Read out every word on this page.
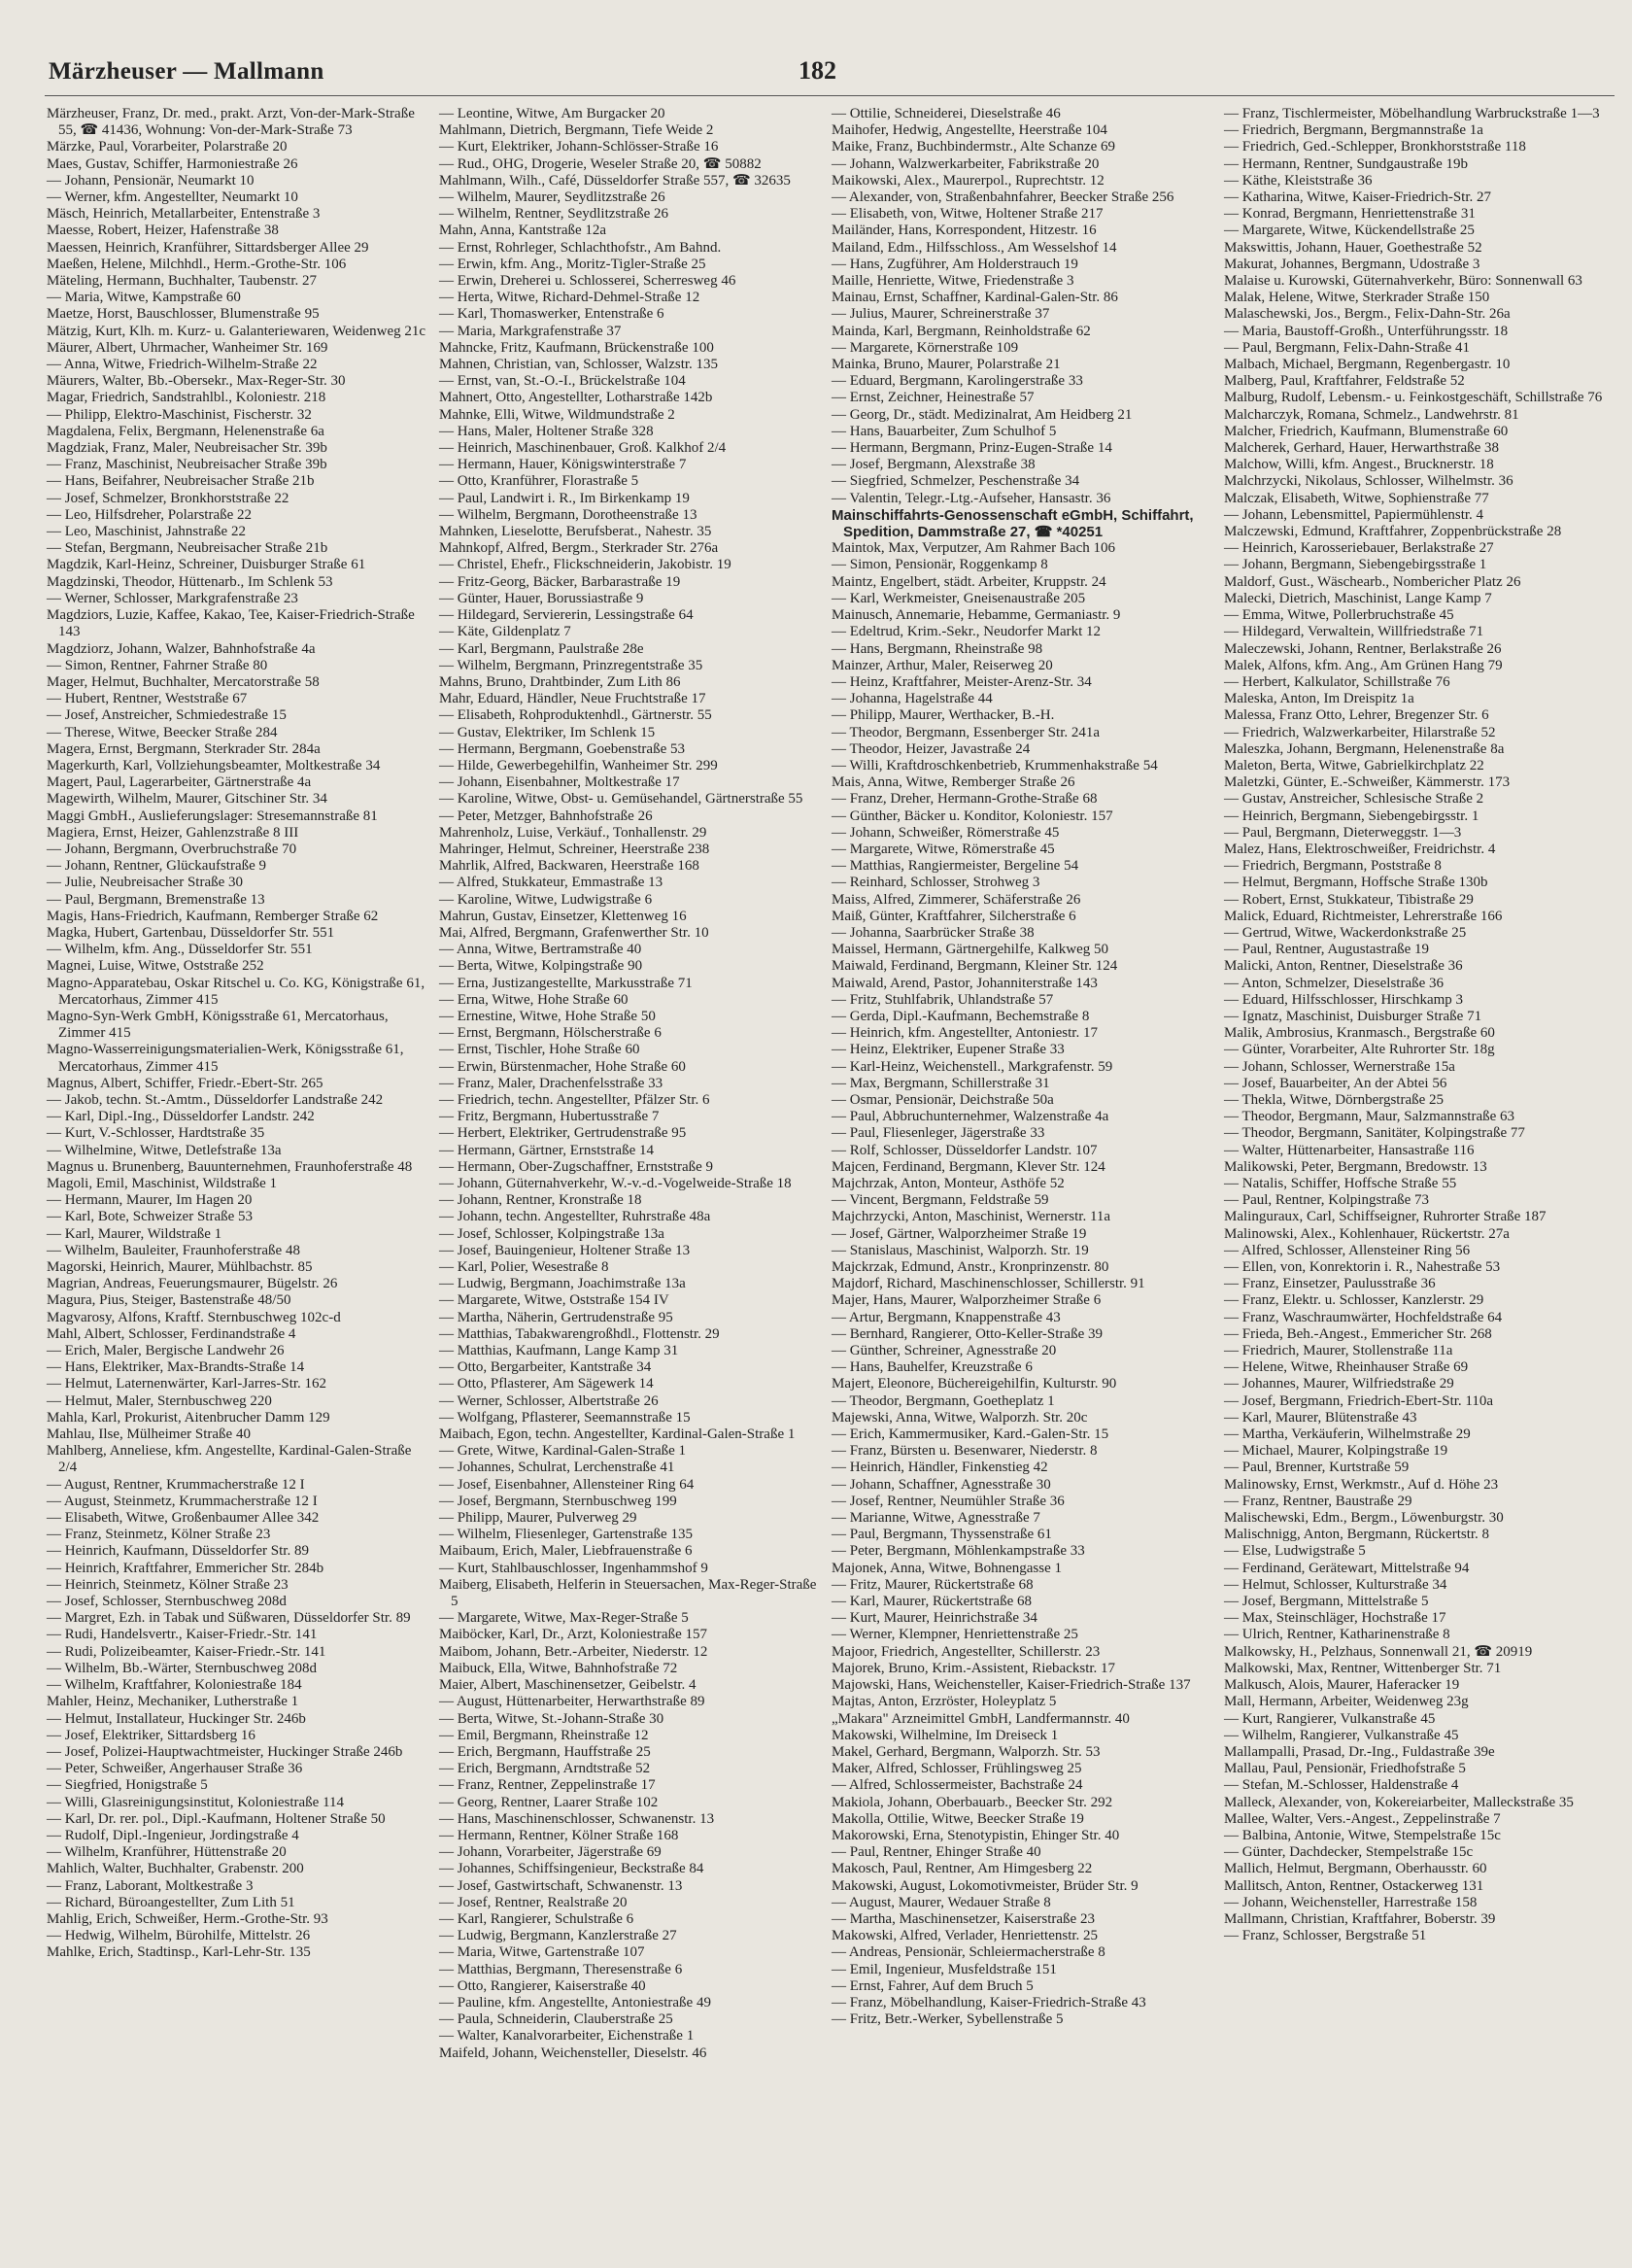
Märzheuser — Mallmann	182

Märzheuser, Franz, Dr. med., prakt. Arzt, Von-der-Mark-Straße 55, ☎ 41436, Wohnung: Von-der-Mark-Straße 73

Märzke, Paul, Vorarbeiter, Polarstraße 20

Maes, Gustav, Schiffer, Harmoniestraße 26

— Johann, Pensionär, Neumarkt 10

— Werner, kfm. Angestellter, Neumarkt 10

Mäsch, Heinrich, Metallarbeiter, Entenstraße 3

Maesse, Robert, Heizer, Hafenstraße 38

Maessen, Heinrich, Kranführer, Sittardsberger Allee 29

Maeßen, Helene, Milchhdl., Herm.-Grothe-Str. 106

Mäteling, Hermann, Buchhalter, Taubenstr. 27

— Maria, Witwe, Kampstraße 60

Maetze, Horst, Bauschlosser, Blumenstraße 95

Mätzig, Kurt, Klh. m. Kurz- u. Galanteriewaren, Weidenweg 21c

Mäurer, Albert, Uhrmacher, Wanheimer Str. 169

— Anna, Witwe, Friedrich-Wilhelm-Straße 22

Mäurers, Walter, Bb.-Obersekr., Max-Reger-Str. 30

Magar, Friedrich, Sandstrahlbl., Koloniestr. 218

— Philipp, Elektro-Maschinist, Fischerstr. 32

Magdalena, Felix, Bergmann, Helenenstraße 6a

Magdziak, Franz, Maler, Neubreisacher Str. 39b

— Franz, Maschinist, Neubreisacher Straße 39b

— Hans, Beifahrer, Neubreisacher Straße 21b

— Josef, Schmelzer, Bronkhorststraße 22

— Leo, Hilfsdreher, Polarstraße 22

— Leo, Maschinist, Jahnstraße 22

— Stefan, Bergmann, Neubreisacher Straße 21b

Magdzik, Karl-Heinz, Schreiner, Duisburger Straße 61

Magdzinski, Theodor, Hüttenarb., Im Schlenk 53

— Werner, Schlosser, Markgrafenstraße 23

Magdziors, Luzie, Kaffee, Kakao, Tee, Kaiser-Friedrich-Straße 143

Magdziorz, Johann, Walzer, Bahnhofstraße 4a

— Simon, Rentner, Fahrner Straße 80

Mager, Helmut, Buchhalter, Mercatorstraße 58

— Hubert, Rentner, Weststraße 67

— Josef, Anstreicher, Schmiedestraße 15

— Therese, Witwe, Beecker Straße 284

Magera, Ernst, Bergmann, Sterkrader Str. 284a

Magerkurth, Karl, Vollziehungsbeamter, Moltkestraße 34

Magert, Paul, Lagerarbeiter, Gärtnerstraße 4a

Magewirth, Wilhelm, Maurer, Gitschiner Str. 34

Maggi GmbH., Auslieferungslager: Stresemannstraße 81

Magiera, Ernst, Heizer, Gahlenzstraße 8 III

— Johann, Bergmann, Overbruchstraße 70

— Johann, Rentner, Glückaufstraße 9

— Julie, Neubreisacher Straße 30

— Paul, Bergmann, Bremenstraße 13

Magis, Hans-Friedrich, Kaufmann, Remberger Straße 62

Magka, Hubert, Gartenbau, Düsseldorfer Str. 551

— Wilhelm, kfm. Ang., Düsseldorfer Str. 551

Magnei, Luise, Witwe, Oststraße 252

Magno-Apparatebau, Oskar Ritschel u. Co. KG, Königstraße 61, Mercatorhaus, Zimmer 415

Magno-Syn-Werk GmbH, Königsstraße 61, Mercatorhaus, Zimmer 415

Magno-Wasserreinigungsmaterialien-Werk, Königsstraße 61, Mercatorhaus, Zimmer 415

Magnus, Albert, Schiffer, Friedr.-Ebert-Str. 265

— Jakob, techn. St.-Amtm., Düsseldorfer Landstraße 242

— Karl, Dipl.-Ing., Düsseldorfer Landstr. 242

— Kurt, V.-Schlosser, Hardtstraße 35

— Wilhelmine, Witwe, Detlefstraße 13a

Magnus u. Brunenberg, Bauunternehmen, Fraunhoferstraße 48

Magoli, Emil, Maschinist, Wildstraße 1

— Hermann, Maurer, Im Hagen 20

— Karl, Bote, Schweizer Straße 53

— Karl, Maurer, Wildstraße 1

— Wilhelm, Bauleiter, Fraunhoferstraße 48

Magorski, Heinrich, Maurer, Mühlbachstr. 85

Magrian, Andreas, Feuerungsmaurer, Bügelstr. 26

Magura, Pius, Steiger, Bastenstraße 48/50

Magvarosy, Alfons, Kraftf. Sternbuschweg 102c-d

Mahl, Albert, Schlosser, Ferdinandstraße 4

— Erich, Maler, Bergische Landwehr 26

— Hans, Elektriker, Max-Brandts-Straße 14

— Helmut, Laternenwärter, Karl-Jarres-Str. 162

— Helmut, Maler, Sternbuschweg 220

Mahla, Karl, Prokurist, Aitenbrucher Damm 129

Mahlau, Ilse, Mülheimer Straße 40

Mahlberg, Anneliese, kfm. Angestellte, Kardinal-Galen-Straße 2/4

— August, Rentner, Krummacherstraße 12 I

— August, Steinmetz, Krummacherstraße 12 I

— Elisabeth, Witwe, Großenbaumer Allee 342

— Franz, Steinmetz, Kölner Straße 23

— Heinrich, Kaufmann, Düsseldorfer Str. 89

— Heinrich, Kraftfahrer, Emmericher Str. 284b

— Heinrich, Steinmetz, Kölner Straße 23

— Josef, Schlosser, Sternbuschweg 208d

— Margret, Ezh. in Tabak und Süßwaren, Düsseldorfer Str. 89

— Rudi, Handelsvertr., Kaiser-Friedr.-Str. 141

— Rudi, Polizeibeamter, Kaiser-Friedr.-Str. 141

— Wilhelm, Bb.-Wärter, Sternbuschweg 208d

— Wilhelm, Kraftfahrer, Koloniestraße 184

Mahler, Heinz, Mechaniker, Lutherstraße 1

— Helmut, Installateur, Huckinger Str. 246b

— Josef, Elektriker, Sittardsberg 16

— Josef, Polizei-Hauptwachtmeister, Huckinger Straße 246b

— Peter, Schweißer, Angerhauser Straße 36

— Siegfried, Honigstraße 5

— Willi, Glasreinigungsinstitut, Koloniestraße 114

— Karl, Dr. rer. pol., Dipl.-Kaufmann, Holtener Straße 50

— Rudolf, Dipl.-Ingenieur, Jordingstraße 4

— Wilhelm, Kranführer, Hüttenstraße 20

Mahlich, Walter, Buchhalter, Grabenstr. 200

— Franz, Laborant, Moltkestraße 3

— Richard, Büroangestellter, Zum Lith 51

Mahlig, Erich, Schweißer, Herm.-Grothe-Str. 93

— Hedwig, Wilhelm, Bürohilfe, Mittelstr. 26

Mahlke, Erich, Stadtinsp., Karl-Lehr-Str. 135

— Leontine, Witwe, Am Burgacker 20

Mahlmann, Dietrich, Bergmann, Tiefe Weide 2

— Kurt, Elektriker, Johann-Schlösser-Straße 16

— Rud., OHG, Drogerie, Weseler Straße 20, ☎ 50882

Mahlmann, Wilh., Café, Düsseldorfer Straße 557, ☎ 32635

— Wilhelm, Maurer, Seydlitzstraße 26

— Wilhelm, Rentner, Seydlitzstraße 26

Mahn, Anna, Kantstraße 12a

— Ernst, Rohrleger, Schlachthofstr., Am Bahnd.

— Erwin, kfm. Ang., Moritz-Tigler-Straße 25

— Erwin, Dreherei u. Schlosserei, Scherresweg 46

— Herta, Witwe, Richard-Dehmel-Straße 12

— Karl, Thomaswerker, Entenstraße 6

— Maria, Markgrafenstraße 37

Mahncke, Fritz, Kaufmann, Brückenstraße 100

Mahnen, Christian, van, Schlosser, Walzstr. 135

— Ernst, van, St.-O.-I., Brückelstraße 104

Mahnert, Otto, Angestellter, Lotharstraße 142b

Mahnke, Elli, Witwe, Wildmundstraße 2

— Hans, Maler, Holtener Straße 328

— Heinrich, Maschinenbauer, Groß. Kalkhof 2/4

— Hermann, Hauer, Königswinterstraße 7

— Otto, Kranführer, Florastraße 5

— Paul, Landwirt i. R., Im Birkenkamp 19

— Wilhelm, Bergmann, Dorotheenstraße 13

Mahnken, Lieselotte, Berufsberat., Nahestr. 35

Mahnkopf, Alfred, Bergm., Sterkrader Str. 276a

— Christel, Ehefr., Flickschneiderin, Jakobistr. 19

— Fritz-Georg, Bäcker, Barbarastraße 19

— Günter, Hauer, Borussiastraße 9

— Hildegard, Serviererin, Lessingstraße 64

— Käte, Gildenplatz 7

— Karl, Bergmann, Paulstraße 28e

— Wilhelm, Bergmann, Prinzregentstraße 35

Mahns, Bruno, Drahtbinder, Zum Lith 86

Mahr, Eduard, Händler, Neue Fruchtstraße 17

— Elisabeth, Rohproduktenhdl., Gärtnerstr. 55

— Gustav, Elektriker, Im Schlenk 15

— Hermann, Bergmann, Goebenstraße 53

— Hilde, Gewerbegehilfin, Wanheimer Str. 299

— Johann, Eisenbahner, Moltkestraße 17

— Karoline, Witwe, Obst- u. Gemüsehandel, Gärtnerstraße 55

— Peter, Metzger, Bahnhofstraße 26

Mahrenholz, Luise, Verkäuf., Tonhallenstr. 29

Mahringer, Helmut, Schreiner, Heerstraße 238

Mahrlik, Alfred, Backwaren, Heerstraße 168

— Alfred, Stukkateur, Emmastraße 13

— Karoline, Witwe, Ludwigstraße 6

Mahrun, Gustav, Einsetzer, Klettenweg 16

Mai, Alfred, Bergmann, Grafenwerther Str. 10

— Anna, Witwe, Bertramstraße 40

— Berta, Witwe, Kolpingstraße 90

— Erna, Justizangestellte, Markusstraße 71

— Erna, Witwe, Hohe Straße 60

— Ernestine, Witwe, Hohe Straße 50

— Ernst, Bergmann, Hölscherstraße 6

— Ernst, Tischler, Hohe Straße 60

— Erwin, Bürstenmacher, Hohe Straße 60

— Franz, Maler, Drachenfelsstraße 33

— Friedrich, techn. Angestellter, Pfälzer Str. 6

— Fritz, Bergmann, Hubertusstraße 7

— Herbert, Elektriker, Gertrudenstraße 95

— Hermann, Gärtner, Ernststraße 14

— Hermann, Ober-Zugschaffner, Ernststraße 9

— Johann, Güternahverkehr, W.-v.-d.-Vogelweide-Straße 18

— Johann, Rentner, Kronstraße 18

— Johann, techn. Angestellter, Ruhrstraße 48a

— Josef, Schlosser, Kolpingstraße 13a

— Josef, Bauingenieur, Holtener Straße 13

— Karl, Polier, Wesestraße 8

— Ludwig, Bergmann, Joachimstraße 13a

— Margarete, Witwe, Oststraße 154 IV

— Martha, Näherin, Gertrudenstraße 95

— Matthias, Tabakwarengroßhdl., Flottenstr. 29

— Matthias, Kaufmann, Lange Kamp 31

— Otto, Bergarbeiter, Kantstraße 34

— Otto, Pflasterer, Am Sägewerk 14

— Werner, Schlosser, Albertstraße 26

— Wolfgang, Pflasterer, Seemannstraße 15

Maibach, Egon, techn. Angestellter, Kardinal-Galen-Straße 1

— Grete, Witwe, Kardinal-Galen-Straße 1

— Johannes, Schulrat, Lerchenstraße 41

— Josef, Eisenbahner, Allensteiner Ring 64

— Josef, Bergmann, Sternbuschweg 199

— Philipp, Maurer, Pulverweg 29

— Wilhelm, Fliesenleger, Gartenstraße 135

Maibaum, Erich, Maler, Liebfrauenstraße 6

— Kurt, Stahlbauschlosser, Ingenhammshof 9

Maiberg, Elisabeth, Helferin in Steuersachen, Max-Reger-Straße 5

— Margarete, Witwe, Max-Reger-Straße 5

Maiböcker, Karl, Dr., Arzt, Koloniestraße 157

Maibom, Johann, Betr.-Arbeiter, Niederstr. 12

Maibuck, Ella, Witwe, Bahnhofstraße 72

Maier, Albert, Maschinensetzer, Geibelstr. 4

— August, Hüttenarbeiter, Herwarthstraße 89

— Berta, Witwe, St.-Johann-Straße 30

— Emil, Bergmann, Rheinstraße 12

— Erich, Bergmann, Hauffstraße 25

— Erich, Bergmann, Arndtstraße 52

— Franz, Rentner, Zeppelinstraße 17

— Georg, Rentner, Laarer Straße 102

— Hans, Maschinenschlosser, Schwanenstr. 13

— Hermann, Rentner, Kölner Straße 168

— Johann, Vorarbeiter, Jägerstraße 69

— Johannes, Schiffsingenieur, Beckstraße 84

— Josef, Gastwirtschaft, Schwanenstr. 13

— Josef, Rentner, Realstraße 20

— Karl, Rangierer, Schulstraße 6

— Ludwig, Bergmann, Kanzlerstraße 27

— Maria, Witwe, Gartenstraße 107

— Matthias, Bergmann, Theresenstraße 6

— Otto, Rangierer, Kaiserstraße 40

— Pauline, kfm. Angestellte, Antoniestraße 49

— Paula, Schneiderin, Clauberstraße 25

— Walter, Kanalvorarbeiter, Eichenstraße 1

Maifeld, Johann, Weichensteller, Dieselstr. 46

— Ottilie, Schneiderei, Dieselstraße 46

Maihofer, Hedwig, Angestellte, Heerstraße 104

Maike, Franz, Buchbindermstr., Alte Schanze 69

— Johann, Walzwerkarbeiter, Fabrikstraße 20

Maikowski, Alex., Maurerpol., Ruprechtstr. 12

— Alexander, von, Straßenbahnfahrer, Beecker Straße 256

— Elisabeth, von, Witwe, Holtener Straße 217

Mailänder, Hans, Korrespondent, Hitzestr. 16

Mailand, Edm., Hilfsschloss., Am Wesselshof 14

— Hans, Zugführer, Am Holderstrauch 19

Maille, Henriette, Witwe, Friedenstraße 3

Mainau, Ernst, Schaffner, Kardinal-Galen-Str. 86

— Julius, Maurer, Schreinerstraße 37

Mainda, Karl, Bergmann, Reinholdstraße 62

— Margarete, Körnerstraße 109

Mainka, Bruno, Maurer, Polarstraße 21

— Eduard, Bergmann, Karolingerstraße 33

— Ernst, Zeichner, Heinestraße 57

— Georg, Dr., städt. Medizinalrat, Am Heidberg 21

— Hans, Bauarbeiter, Zum Schulhof 5

— Hermann, Bergmann, Prinz-Eugen-Straße 14

— Josef, Bergmann, Alexstraße 38

— Siegfried, Schmelzer, Peschenstraße 34

— Valentin, Telegr.-Ltg.-Aufseher, Hansastr. 36

Mainschiffahrts-Genossenschaft eGmbH, Schiffahrt, Spedition, Dammstraße 27, ☎ *40251

Maintok, Max, Verputzer, Am Rahmer Bach 106

— Simon, Pensionär, Roggenkamp 8

Maintz, Engelbert, städt. Arbeiter, Kruppstr. 24

— Karl, Werkmeister, Gneisenaustraße 205

Mainusch, Annemarie, Hebamme, Germaniastr. 9

— Edeltrud, Krim.-Sekr., Neudorfer Markt 12

— Hans, Bergmann, Rheinstraße 98

Mainzer, Arthur, Maler, Reiserweg 20

— Heinz, Kraftfahrer, Meister-Arenz-Str. 34

— Johanna, Hagelstraße 44

— Philipp, Maurer, Werthacker, B.-H.

— Theodor, Bergmann, Essenberger Str. 241a

— Theodor, Heizer, Javastraße 24

— Willi, Kraftdroschkenbetrieb, Krummenhakstraße 54

Mais, Anna, Witwe, Remberger Straße 26

— Franz, Dreher, Hermann-Grothe-Straße 68

— Günther, Bäcker u. Konditor, Koloniestr. 157

— Johann, Schweißer, Römerstraße 45

— Margarete, Witwe, Römerstraße 45

— Matthias, Rangiermeister, Bergeline 54

— Reinhard, Schlosser, Strohweg 3

Maiss, Alfred, Zimmerer, Schäferstraße 26

Maiß, Günter, Kraftfahrer, Silcherstraße 6

— Johanna, Saarbrücker Straße 38

Maissel, Hermann, Gärtnergehilfe, Kalkweg 50

Maiwald, Ferdinand, Bergmann, Kleiner Str. 124

Maiwald, Arend, Pastor, Johanniterstraße 143

— Fritz, Stuhlfabrik, Uhlandstraße 57

— Gerda, Dipl.-Kaufmann, Bechemstraße 8

— Heinrich, kfm. Angestellter, Antoniestr. 17

— Heinz, Elektriker, Eupener Straße 33

— Karl-Heinz, Weichenstell., Markgrafenstr. 59

— Max, Bergmann, Schillerstraße 31

— Osmar, Pensionär, Deichstraße 50a

— Paul, Abbruchunternehmer, Walzenstraße 4a

— Paul, Fliesenleger, Jägerstraße 33

— Rolf, Schlosser, Düsseldorfer Landstr. 107

Majcen, Ferdinand, Bergmann, Klever Str. 124

Majchrzak, Anton, Monteur, Asthöfe 52

— Vincent, Bergmann, Feldstraße 59

Majchrzycki, Anton, Maschinist, Wernerstr. 11a

— Josef, Gärtner, Walporzheimer Straße 19

— Stanislaus, Maschinist, Walporzh. Str. 19

Majckrzak, Edmund, Anstr., Kronprinzenstr. 80

Majdorf, Richard, Maschinenschlosser, Schillerstr. 91

Majer, Hans, Maurer, Walporzheimer Straße 6

— Artur, Bergmann, Knappenstraße 43

— Bernhard, Rangierer, Otto-Keller-Straße 39

— Günther, Schreiner, Agnesstraße 20

— Hans, Bauhelfer, Kreuzstraße 6

Majert, Eleonore, Büchereigehilfin, Kulturstr. 90

— Theodor, Bergmann, Goetheplatz 1

Majewski, Anna, Witwe, Walporzh. Str. 20c

— Erich, Kammermusiker, Kard.-Galen-Str. 15

— Franz, Bürsten u. Besenwarer, Niederstr. 8

— Heinrich, Händler, Finkenstieg 42

— Johann, Schaffner, Agnesstraße 30

— Josef, Rentner, Neumühler Straße 36

— Marianne, Witwe, Agnesstraße 7

— Paul, Bergmann, Thyssenstraße 61

— Peter, Bergmann, Möhlenkampstraße 33

Majonek, Anna, Witwe, Bohnengasse 1

— Fritz, Maurer, Rückertstraße 68

— Karl, Maurer, Rückertstraße 68

— Kurt, Maurer, Heinrichstraße 34

— Werner, Klempner, Henriettenstraße 25

Majoor, Friedrich, Angestellter, Schillerstr. 23

Majorek, Bruno, Krim.-Assistent, Riebackstr. 17

Majowski, Hans, Weichensteller, Kaiser-Friedrich-Straße 137

Majtas, Anton, Erzröster, Holeyplatz 5

„Makara" Arzneimittel GmbH, Landfermannstr. 40

Makowski, Wilhelmine, Im Dreiseck 1

Makel, Gerhard, Bergmann, Walporzh. Str. 53

Maker, Alfred, Schlosser, Frühlingsweg 25

— Alfred, Schlossermeister, Bachstraße 24

Makiola, Johann, Oberbauarb., Beecker Str. 292

Makolla, Ottilie, Witwe, Beecker Straße 19

Makorowski, Erna, Stenotypistin, Ehinger Str. 40

— Paul, Rentner, Ehinger Straße 40

Makosch, Paul, Rentner, Am Himgesberg 22

Makowski, August, Lokomotivmeister, Brüder Str. 9

— August, Maurer, Wedauer Straße 8

— Martha, Maschinensetzer, Kaiserstraße 23

Makowski, Alfred, Verlader, Henriettenstr. 25

— Andreas, Pensionär, Schleiermacherstraße 8

— Emil, Ingenieur, Musfeldstraße 151

— Ernst, Fahrer, Auf dem Bruch 5

— Franz, Möbelhandlung, Kaiser-Friedrich-Straße 43

— Fritz, Betr.-Werker, Sybellenstraße 5

— Franz, Tischlermeister, Möbelhandlung Warbruckstraße 1—3

— Friedrich, Bergmann, Bergmannstraße 1a

— Friedrich, Ged.-Schlepper, Bronkhorststraße 118

— Hermann, Rentner, Sundgaustraße 19b

— Käthe, Kleiststraße 36

— Katharina, Witwe, Kaiser-Friedrich-Str. 27

— Konrad, Bergmann, Henriettenstraße 31

— Margarete, Witwe, Kückendellstraße 25

Makswittis, Johann, Hauer, Goethestraße 52

Makurat, Johannes, Bergmann, Udostraße 3

Malaise u. Kurowski, Güternahverkehr, Büro: Sonnenwall 63

Malak, Helene, Witwe, Sterkrader Straße 150

Malaschewski, Jos., Bergm., Felix-Dahn-Str. 26a

— Maria, Baustoff-Großh., Unterführungsstr. 18

— Paul, Bergmann, Felix-Dahn-Straße 41

Malbach, Michael, Bergmann, Regenbergastr. 10

Malberg, Paul, Kraftfahrer, Feldstraße 52

Malburg, Rudolf, Lebensm.- u. Feinkostgeschäft, Schillstraße 76

Malcharczyk, Romana, Schmelz., Landwehrstr. 81

Malcher, Friedrich, Kaufmann, Blumenstraße 60

Malcherek, Gerhard, Hauer, Herwarthstraße 38

Malchow, Willi, kfm. Angest., Brucknerstr. 18

Malchrzycki, Nikolaus, Schlosser, Wilhelmstr. 36

Malczak, Elisabeth, Witwe, Sophienstraße 77

— Johann, Lebensmittel, Papiermühlenstr. 4

Malczewski, Edmund, Kraftfahrer, Zoppenbrückstraße 28

— Heinrich, Karosseriebauer, Berlakstraße 27

— Johann, Bergmann, Siebengebirgsstraße 1

Maldorf, Gust., Wäschearb., Nombericher Platz 26

Malecki, Dietrich, Maschinist, Lange Kamp 7

— Emma, Witwe, Pollerbruchstraße 45

— Hildegard, Verwaltein, Willfriedstraße 71

Maleczewski, Johann, Rentner, Berlakstraße 26

Malek, Alfons, kfm. Ang., Am Grünen Hang 79

— Herbert, Kalkulator, Schillstraße 76

Maleska, Anton, Im Dreispitz 1a

Malessa, Franz Otto, Lehrer, Bregenzer Str. 6

— Friedrich, Walzwerkarbeiter, Hilarstraße 52

Maleszka, Johann, Bergmann, Helenenstraße 8a

Maleton, Berta, Witwe, Gabrielkirchplatz 22

Maletzki, Günter, E.-Schweißer, Kämmerstr. 173

— Gustav, Anstreicher, Schlesische Straße 2

— Heinrich, Bergmann, Siebengebirgsstr. 1

— Paul, Bergmann, Dieterweggstr. 1—3

Malez, Hans, Elektroschweißer, Freidrichstr. 4

— Friedrich, Bergmann, Poststraße 8

— Helmut, Bergmann, Hoffsche Straße 130b

— Robert, Ernst, Stukkateur, Tibistraße 29

Malick, Eduard, Richtmeister, Lehrerstraße 166

— Gertrud, Witwe, Wackerdonkstraße 25

— Paul, Rentner, Augustastraße 19

Malicki, Anton, Rentner, Dieselstraße 36

— Anton, Schmelzer, Dieselstraße 36

— Eduard, Hilfsschlosser, Hirschkamp 3

— Ignatz, Maschinist, Duisburger Straße 71

Malik, Ambrosius, Kranmasch., Bergstraße 60

— Günter, Vorarbeiter, Alte Ruhrorter Str. 18g

— Johann, Schlosser, Wernerstraße 15a

— Josef, Bauarbeiter, An der Abtei 56

— Thekla, Witwe, Dörnbergstraße 25

— Theodor, Bergmann, Maur, Salzmannstraße 63

— Theodor, Bergmann, Sanitäter, Kolpingstraße 77

— Walter, Hüttenarbeiter, Hansastraße 116

Malikowski, Peter, Bergmann, Bredowstr. 13

— Natalis, Schiffer, Hoffsche Straße 55

— Paul, Rentner, Kolpingstraße 73

Malinguraux, Carl, Schiffseigner, Ruhrorter Straße 187

Malinowski, Alex., Kohlenhauer, Rückertstr. 27a

— Alfred, Schlosser, Allensteiner Ring 56

— Ellen, von, Konrektorin i. R., Nahestraße 53

— Franz, Einsetzer, Paulusstraße 36

— Franz, Elektr. u. Schlosser, Kanzlerstr. 29

— Franz, Waschraumwärter, Hochfeldstraße 64

— Frieda, Beh.-Angest., Emmericher Str. 268

— Friedrich, Maurer, Stollenstraße 11a

— Helene, Witwe, Rheinhauser Straße 69

— Johannes, Maurer, Wilfriedstraße 29

— Josef, Bergmann, Friedrich-Ebert-Str. 110a

— Karl, Maurer, Blütenstraße 43

— Martha, Verkäuferin, Wilhelmstraße 29

— Michael, Maurer, Kolpingstraße 19

— Paul, Brenner, Kurtstraße 59

Malinowsky, Ernst, Werkmstr., Auf d. Höhe 23

— Franz, Rentner, Baustraße 29

Malischewski, Edm., Bergm., Löwenburgstr. 30

Malischnigg, Anton, Bergmann, Rückertstr. 8

— Else, Ludwigstraße 5

— Ferdinand, Gerätewart, Mittelstraße 94

— Helmut, Schlosser, Kulturstraße 34

— Josef, Bergmann, Mittelstraße 5

— Max, Steinschläger, Hochstraße 17

— Ulrich, Rentner, Katharinenstraße 8

Malkowsky, H., Pelzhaus, Sonnenwall 21, ☎ 20919

Malkowski, Max, Rentner, Wittenberger Str. 71

Malkusch, Alois, Maurer, Haferacker 19

Mall, Hermann, Arbeiter, Weidenweg 23g

— Kurt, Rangierer, Vulkanstraße 45

— Wilhelm, Rangierer, Vulkanstraße 45

Mallampalli, Prasad, Dr.-Ing., Fuldastraße 39e

Mallau, Paul, Pensionär, Friedhofstraße 5

— Stefan, M.-Schlosser, Haldenstraße 4

Malleck, Alexander, von, Kokereiarbeiter, Malleckstraße 35

Mallee, Walter, Vers.-Angest., Zeppelinstraße 7

— Balbina, Antonie, Witwe, Stempelstraße 15c

— Günter, Dachdecker, Stempelstraße 15c

Mallich, Helmut, Bergmann, Oberhausstr. 60

Mallitsch, Anton, Rentner, Ostackerweg 131

— Johann, Weichensteller, Harrestraße 158

Mallmann, Christian, Kraftfahrer, Boberstr. 39

— Franz, Schlosser, Bergstraße 51
